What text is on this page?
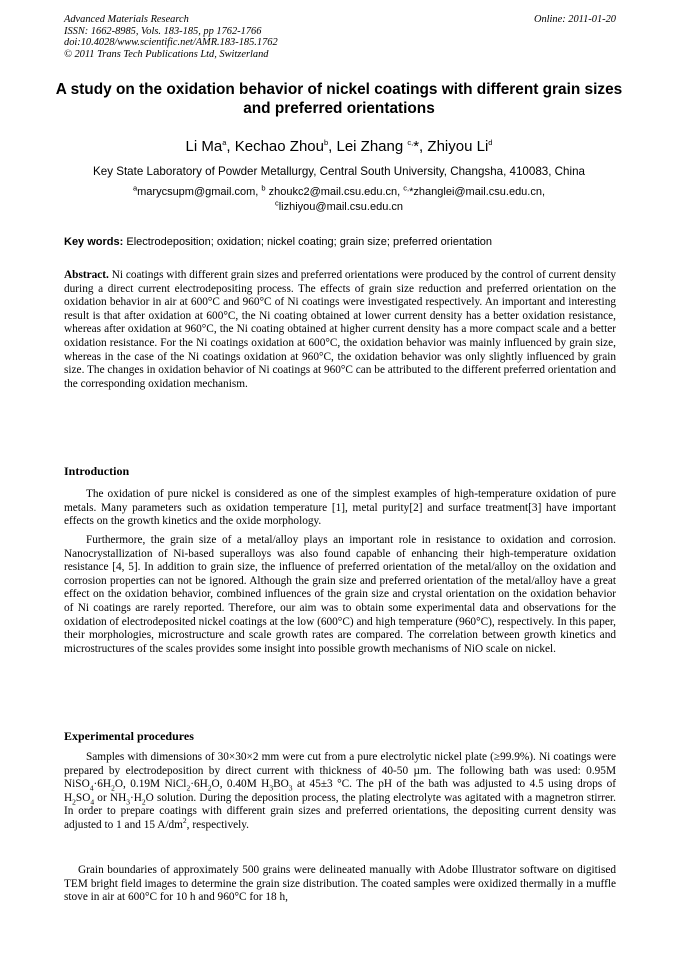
Advanced Materials Research
ISSN: 1662-8985, Vols. 183-185, pp 1762-1766
doi:10.4028/www.scientific.net/AMR.183-185.1762
© 2011 Trans Tech Publications Ltd, Switzerland
Online: 2011-01-20
A study on the oxidation behavior of nickel coatings with different grain sizes and preferred orientations
Li Ma$^a$, Kechao Zhou$^b$, Lei Zhang $^{c,}$*, Zhiyou Li$^d$
Key State Laboratory of Powder Metallurgy, Central South University, Changsha, 410083, China
$^a$marycsupm@gmail.com, $^b$ zhoukc2@mail.csu.edu.cn, $^{c,}$*zhanglei@mail.csu.edu.cn,
$^c$lizhiyou@mail.csu.edu.cn
Key words: Electrodeposition; oxidation; nickel coating; grain size; preferred orientation
Abstract. Ni coatings with different grain sizes and preferred orientations were produced by the control of current density during a direct current electrodepositing process. The effects of grain size reduction and preferred orientation on the oxidation behavior in air at 600°C and 960°C of Ni coatings were investigated respectively. An important and interesting result is that after oxidation at 600°C, the Ni coating obtained at lower current density has a better oxidation resistance, whereas after oxidation at 960°C, the Ni coating obtained at higher current density has a more compact scale and a better oxidation resistance. For the Ni coatings oxidation at 600°C, the oxidation behavior was mainly influenced by grain size, whereas in the case of the Ni coatings oxidation at 960°C, the oxidation behavior was only slightly influenced by grain size. The changes in oxidation behavior of Ni coatings at 960°C can be attributed to the different preferred orientation and the corresponding oxidation mechanism.
Introduction
The oxidation of pure nickel is considered as one of the simplest examples of high-temperature oxidation of pure metals. Many parameters such as oxidation temperature [1], metal purity[2] and surface treatment[3] have important effects on the growth kinetics and the oxide morphology.
Furthermore, the grain size of a metal/alloy plays an important role in resistance to oxidation and corrosion. Nanocrystallization of Ni-based superalloys was also found capable of enhancing their high-temperature oxidation resistance [4, 5]. In addition to grain size, the influence of preferred orientation of the metal/alloy on the oxidation and corrosion properties can not be ignored. Although the grain size and preferred orientation of the metal/alloy have a great effect on the oxidation behavior, combined influences of the grain size and crystal orientation on the oxidation behavior of Ni coatings are rarely reported. Therefore, our aim was to obtain some experimental data and observations for the oxidation of electrodeposited nickel coatings at the low (600°C) and high temperature (960°C), respectively. In this paper, their morphologies, microstructure and scale growth rates are compared. The correlation between growth kinetics and microstructures of the scales provides some insight into possible growth mechanisms of NiO scale on nickel.
Experimental procedures
Samples with dimensions of 30×30×2 mm were cut from a pure electrolytic nickel plate (≥99.9%). Ni coatings were prepared by electrodeposition by direct current with thickness of 40-50 µm. The following bath was used: 0.95M $NiSO_4\cdot 6H_2O$, 0.19M $NiCl_2\cdot 6H_2O$, 0.40M $H_3BO_3$ at 45±3 °C. The pH of the bath was adjusted to 4.5 using drops of $H_2SO_4$ or $NH_3\cdot H_2O$ solution. During the deposition process, the plating electrolyte was agitated with a magnetron stirrer. In order to prepare coatings with different grain sizes and preferred orientations, the depositing current density was adjusted to 1 and 15 $A/dm^2$, respectively.
Grain boundaries of approximately 500 grains were delineated manually with Adobe Illustrator software on digitised TEM bright field images to determine the grain size distribution. The coated samples were oxidized thermally in a muffle stove in air at 600°C for 10 h and 960°C for 18 h,
